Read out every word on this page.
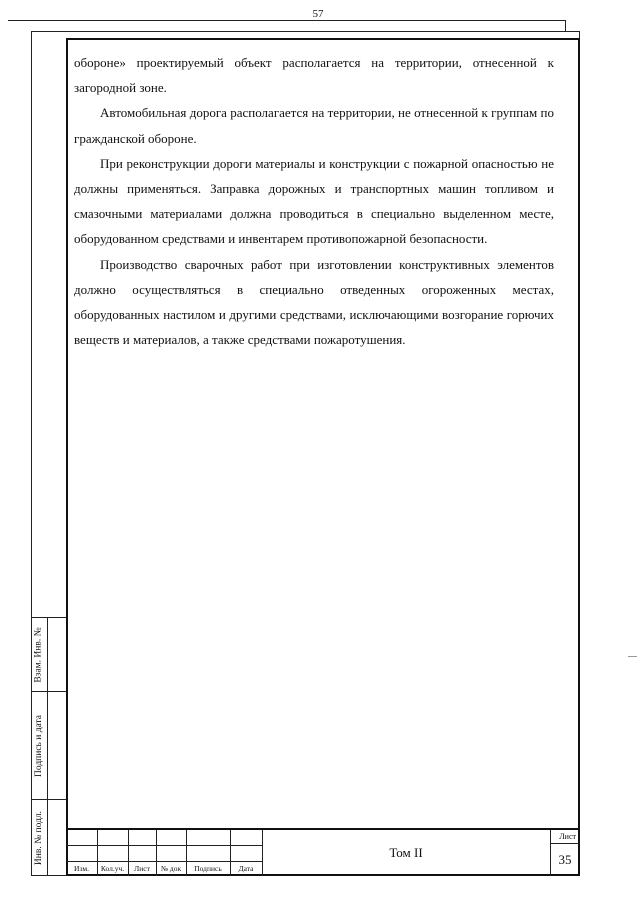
57

обороне» проектируемый объект располагается на территории, отнесенной к загородной зоне.

Автомобильная дорога располагается на территории, не отнесенной к группам по гражданской обороне.

При реконструкции дороги материалы и конструкции с пожарной опасностью не должны применяться. Заправка дорожных и транспортных машин топливом и смазочными материалами должна проводиться в специально выделенном месте, оборудованном средствами и инвентарем противопожарной безопасности.

Производство сварочных работ при изготовлении конструктивных элементов должно осуществляться в специально отведенных огороженных местах, оборудованных настилом и другими средствами, исключающими возгорание горючих веществ и материалов, а также средствами пожаротушения.

Взам. Инв. №
Подпись и дата
Инв. № подл.
Изм.	Кол.уч.	Лист	№ док	Подпись	Дата
Том II
Лист
35
